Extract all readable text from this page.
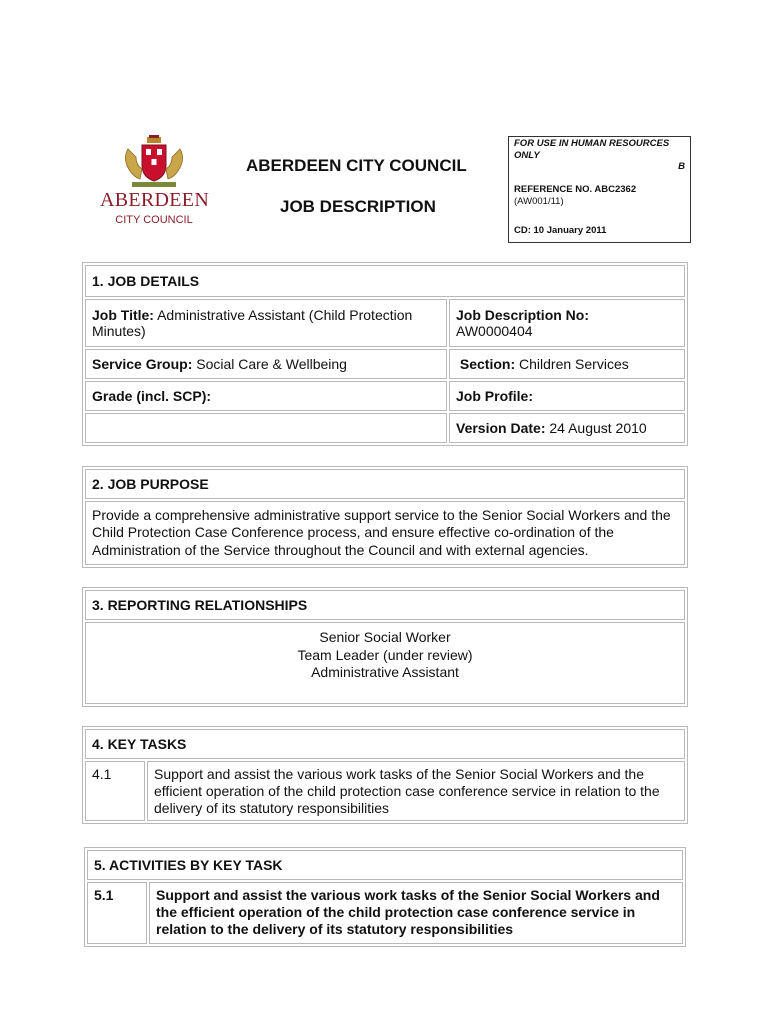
ABERDEEN
CITY COUNCIL
ABERDEEN CITY COUNCIL
JOB DESCRIPTION
FOR USE IN HUMAN RESOURCES ONLY
B
REFERENCE NO. ABC2362
(AW001/11)
CD: 10 January 2011
1. JOB DETAILS	
Job Title: Administrative Assistant (Child Protection Minutes)	Job Description No:
AW0000404
Service Group: Social Care & Wellbeing	Section: Children Services
Grade (incl. SCP):	Job Profile:
	Version Date: 24 August 2010
2. JOB PURPOSE
Provide a comprehensive administrative support service to the Senior Social Workers and the Child Protection Case Conference process, and ensure effective co-ordination of the Administration of the Service throughout the Council and with external agencies.
3. REPORTING RELATIONSHIPS

Senior Social Worker
Team Leader (under review)
Administrative Assistant
4. KEY TASKS
4.1	Support and assist the various work tasks of the Senior Social Workers and the efficient operation of the child protection case conference service in relation to the delivery of its statutory responsibilities
5. ACTIVITIES BY KEY TASK
5.1	Support and assist the various work tasks of the Senior Social Workers and the efficient operation of the child protection case conference service in relation to the delivery of its statutory responsibilities
